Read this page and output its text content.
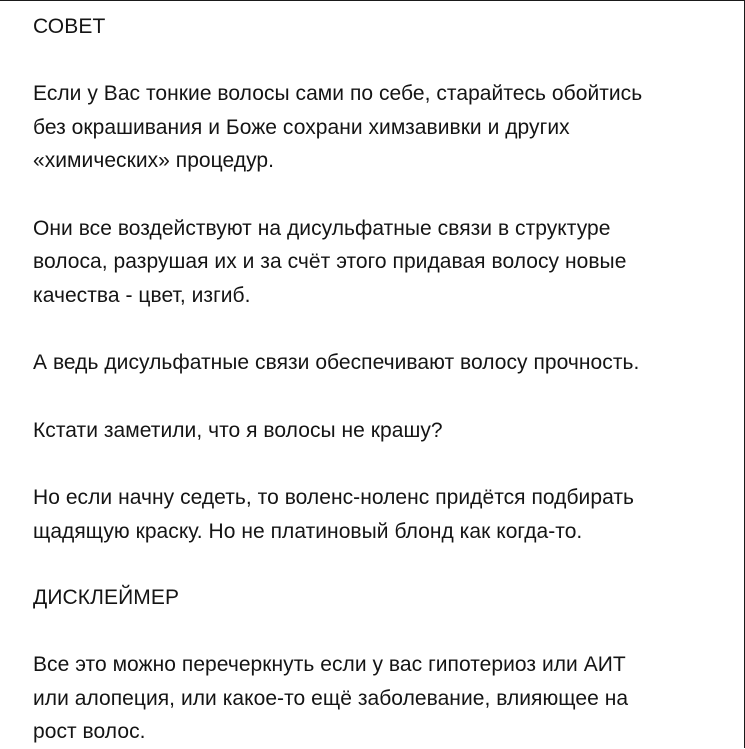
СОВЕТ

Если у Вас тонкие волосы сами по себе, старайтесь обойтись
без окрашивания и Боже сохрани химзавивки и других
«химических» процедур.

Они все воздействуют на дисульфатные связи в структуре
волоса, разрушая их и за счёт этого придавая волосу новые
качества - цвет, изгиб.

А ведь дисульфатные связи обеспечивают волосу прочность.

Кстати заметили, что я волосы не крашу?

Но если начну седеть, то воленс-ноленс придётся подбирать
щадящую краску. Но не платиновый блонд как когда-то.

ДИСКЛЕЙМЕР

Все это можно перечеркнуть если у вас гипотериоз или АИТ
или алопеция, или какое-то ещё заболевание, влияющее на
рост волос.
